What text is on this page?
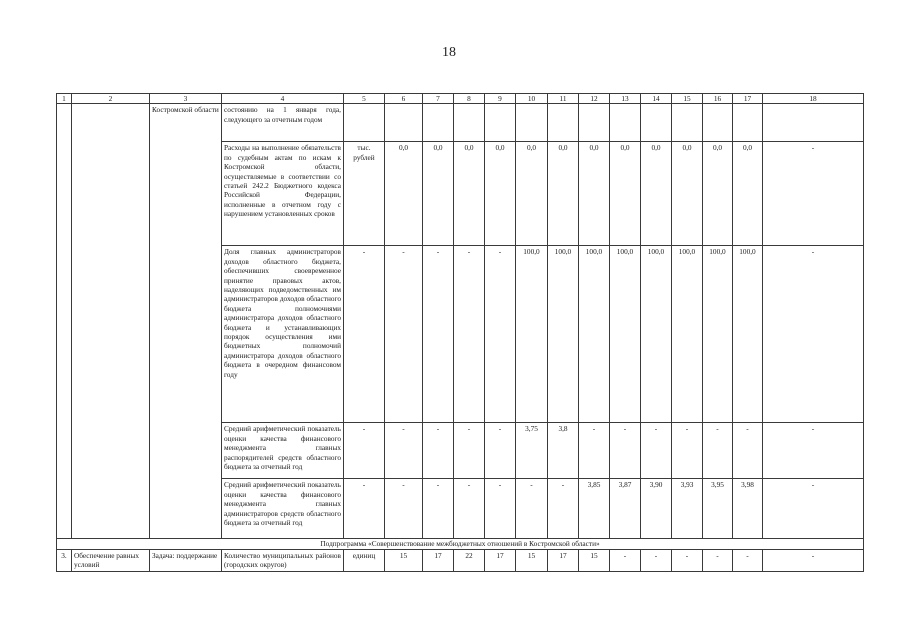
18
1	2	3	4	5	6	7	8	9	10	11	12	13	14	15	16	17	18
		Костромской области	состоянию на 1 января года, следующего за отчетным годом														
			Расходы на выполнение обязательств по судебным актам по искам к Костромской области, осуществляемые в соответствии со статьей 242.2 Бюджетного кодекса Российской Федерации, исполненные в отчетном году с нарушением установленных сроков	тыс. рублей	0,0	0,0	0,0	0,0	0,0	0,0	0,0	0,0	0,0	0,0	0,0	0,0	-
			Доля главных администраторов доходов областного бюджета, обеспечивших своевременное принятие правовых актов, наделяющих подведомственных им администраторов доходов областного бюджета полномочиями администратора доходов областного бюджета и устанавливающих порядок осуществления ими бюджетных полномочий администратора доходов областного бюджета в очередном финансовом году	-	-	-	-	-	100,0	100,0	100,0	100,0	100,0	100,0	100,0	100,0	-
			Средний арифметический показатель оценки качества финансового менеджмента главных распорядителей средств областного бюджета за отчетный год	-	-	-	-	-	3,75	3,8	-	-	-	-	-	-	-
			Средний арифметический показатель оценки качества финансового менеджмента главных администраторов средств областного бюджета за отчетный год	-	-	-	-	-	-	-	3,85	3,87	3,90	3,93	3,95	3,98	-
Подпрограмма «Совершенствование межбюджетных отношений в Костромской области»																	
3.	Обеспечение равных условий	Задача: поддержание	Количество муниципальных районов (городских округов)	единиц	15	17	22	17	15	17	15	-	-	-	-	-	-
